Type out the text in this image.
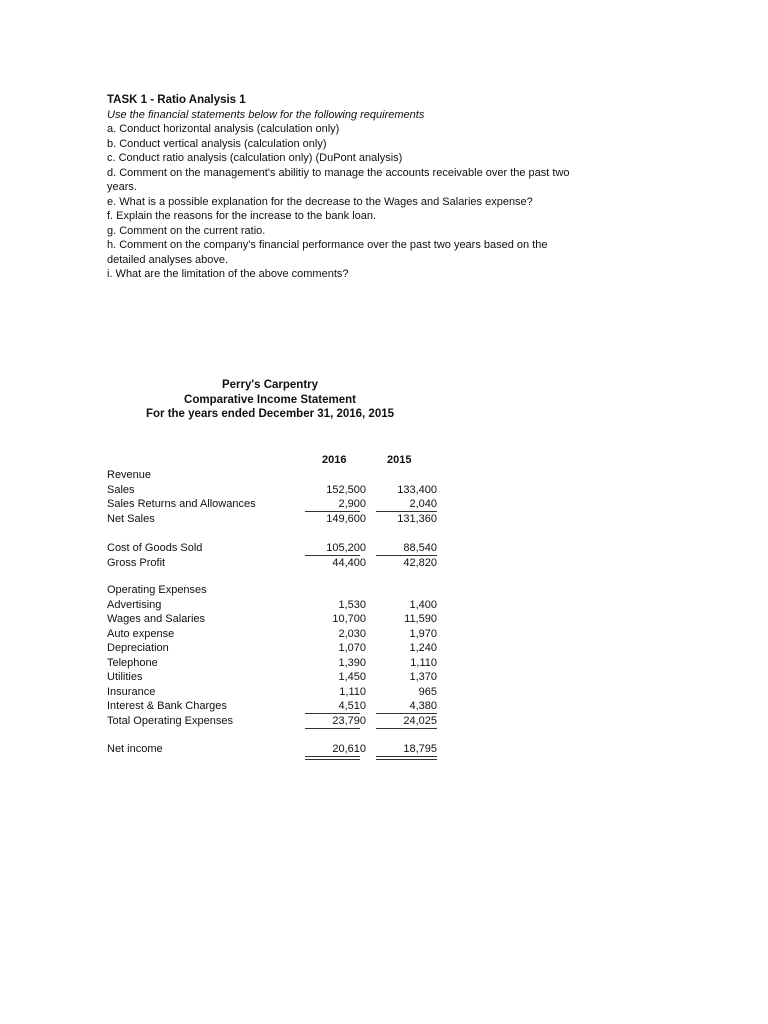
TASK 1 - Ratio Analysis 1
Use the financial statements below for the following requirements
a. Conduct horizontal analysis (calculation only)
b. Conduct vertical analysis (calculation only)
c. Conduct ratio analysis (calculation only) (DuPont analysis)
d. Comment on the management's abilitiy to manage the accounts receivable over the past two years.
e. What is a possible explanation for the decrease to the Wages and Salaries expense?
f. Explain the reasons for the increase to the bank loan.
g. Comment on the current ratio.
h. Comment on the company's financial performance over the past two years based on the detailed analyses above.
i. What are the limitation of the above comments?
Perry's Carpentry
Comparative Income Statement
For the years ended December 31, 2016, 2015
2016	2015
Revenue
Sales	152,500	133,400
Sales Returns and Allowances	2,900	2,040
Net Sales	149,600	131,360
Cost of Goods Sold	105,200	88,540
Gross Profit	44,400	42,820
Operating Expenses
Advertising	1,530	1,400
Wages and Salaries	10,700	11,590
Auto expense	2,030	1,970
Depreciation	1,070	1,240
Telephone	1,390	1,110
Utilities	1,450	1,370
Insurance	1,110	965
Interest & Bank Charges	4,510	4,380
Total Operating Expenses	23,790	24,025
Net income	20,610	18,795
